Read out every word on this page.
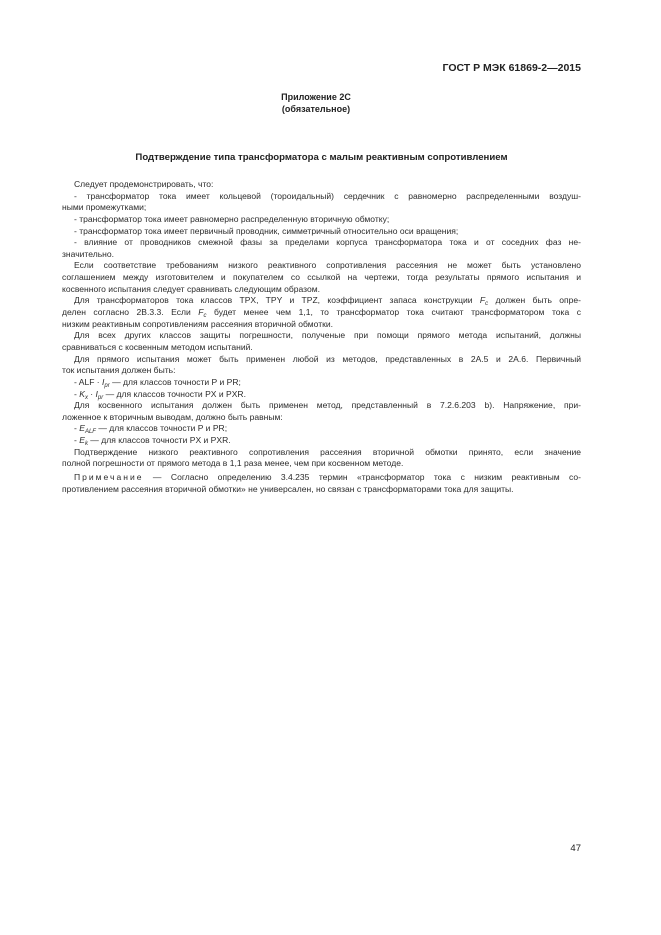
ГОСТ Р МЭК 61869-2—2015
Приложение 2С
(обязательное)
Подтверждение типа трансформатора с малым реактивным сопротивлением
Следует продемонстрировать, что:
- трансформатор тока имеет кольцевой (тороидальный) сердечник с равномерно распределенными воздуш-
ными промежутками;
- трансформатор тока имеет равномерно распределенную вторичную обмотку;
- трансформатор тока имеет первичный проводник, симметричный относительно оси вращения;
- влияние от проводников смежной фазы за пределами корпуса трансформатора тока и от соседних фаз не-
значительно.
Если соответствие требованиям низкого реактивного сопротивления рассеяния не может быть установлено
соглашением между изготовителем и покупателем со ссылкой на чертежи, тогда результаты прямого испытания и
косвенного испытания следует сравнивать следующим образом.
Для трансформаторов тока классов TPX, TPY и TPZ, коэффициент запаса конструкции $F_c$ должен быть опре-
делен согласно 2В.3.3. Если $F_c$ будет менее чем 1,1, то трансформатор тока считают трансформатором тока с
низким реактивным сопротивлениям рассеяния вторичной обмотки.
Для всех других классов защиты погрешности, полученые при помощи прямого метода испытаний, должны
сравниваться с косвенным методом испытаний.
Для прямого испытания может быть применен любой из методов, представленных в 2А.5 и 2А.6. Первичный
ток испытания должен быть:
- ALF · $I_{pr}$ — для классов точности P и PR;
- $K_x \cdot I_{pr}$ — для классов точности PX и PXR.
Для косвенного испытания должен быть применен метод, представленный в 7.2.6.203 b). Напряжение, при-
ложенное к вторичным выводам, должно быть равным:
- $E_{ALF}$ — для классов точности P и PR;
- $E_k$ — для классов точности PX и PXR.
Подтверждение низкого реактивного сопротивления рассеяния вторичной обмотки принято, если значение
полной погрешности от прямого метода в 1,1 раза менее, чем при косвенном методе.
Примечание — Согласно определению 3.4.235 термин «трансформатор тока с низким реактивным со-
противлением рассеяния вторичной обмотки» не универсален, но связан с трансформаторами тока для защиты.
47
